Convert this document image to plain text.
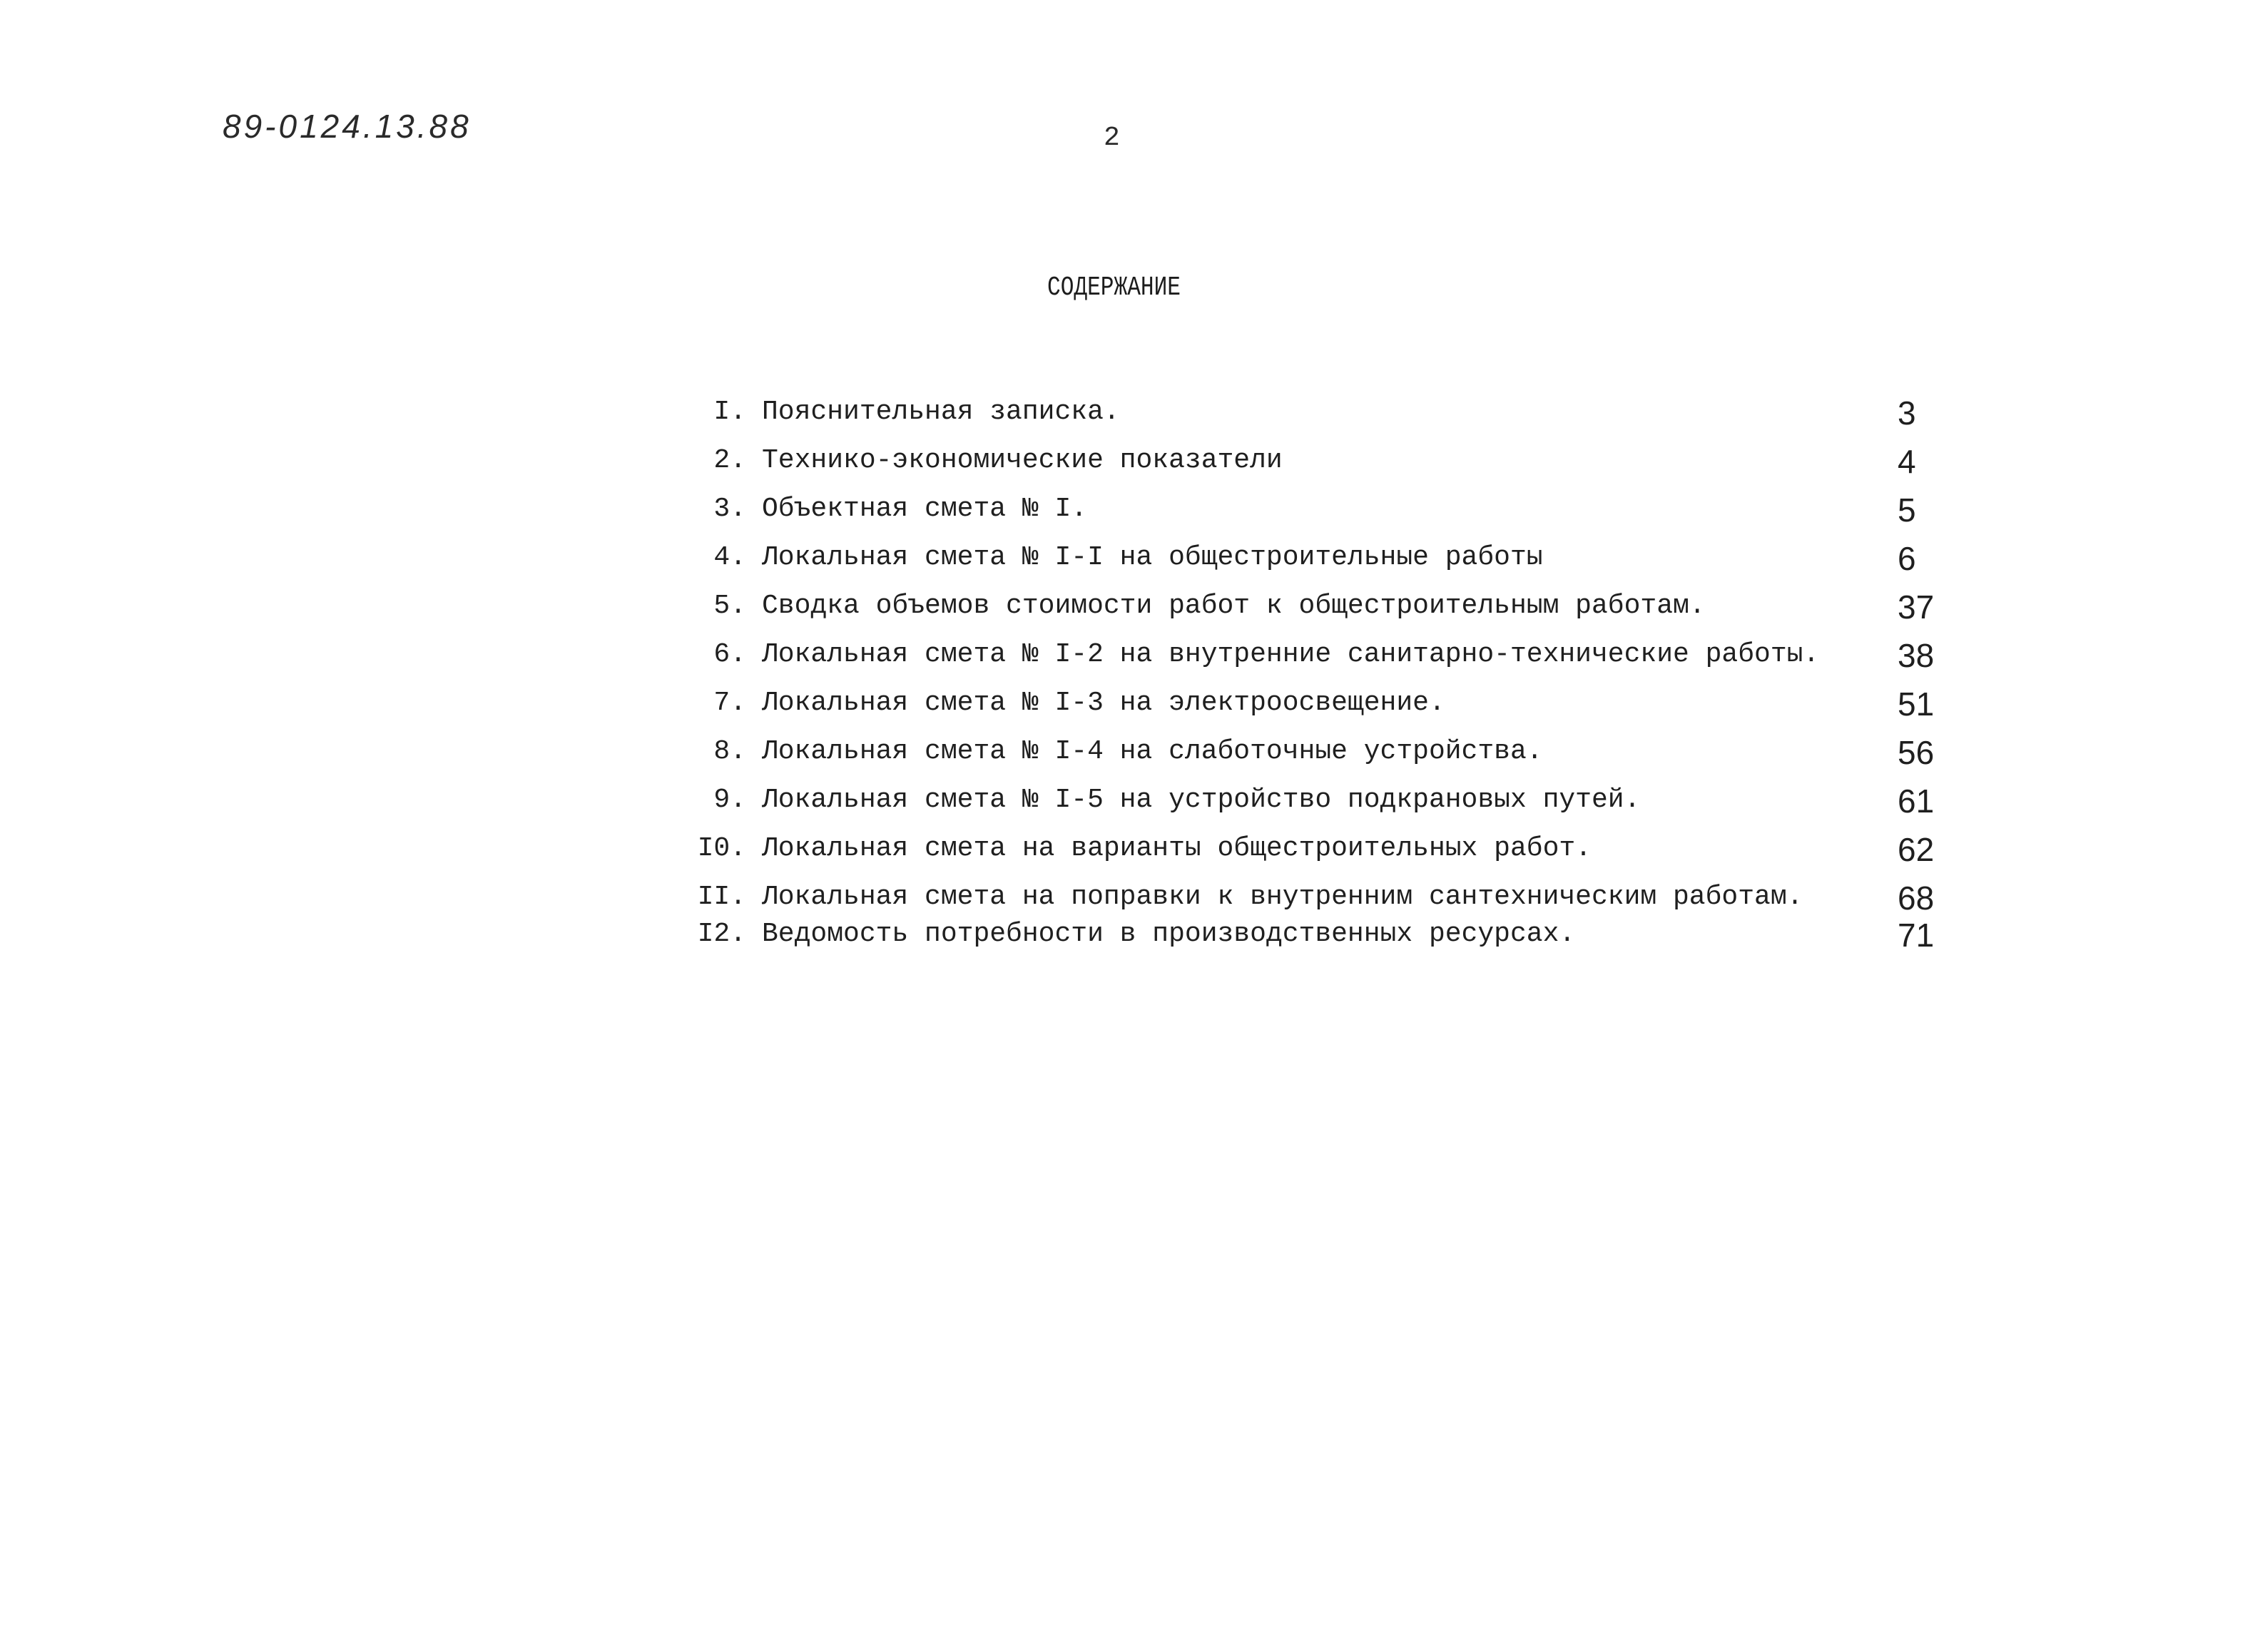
89-0124.13.88	2
СОДЕРЖАНИЕ
I. Пояснительная записка.	3
2. Технико-экономические показатели	4
3. Объектная смета № I.	5
4. Локальная смета № I-I на общестроительные работы	6
5. Сводка объемов стоимости работ к общестроительным работам.	37
6. Локальная смета № I-2 на внутренние санитарно-технические работы. 38
7. Локальная смета № I-3 на электроосвещение.	51
8. Локальная смета № I-4 на слаботочные устройства.	56
9. Локальная смета № I-5 на устройство подкрановых путей.	61
I0. Локальная смета на варианты общестроительных работ.	62
II. Локальная смета на поправки к внутренним сантехническим работам.	68
I2. Ведомость потребности в производственных ресурсах.	71
